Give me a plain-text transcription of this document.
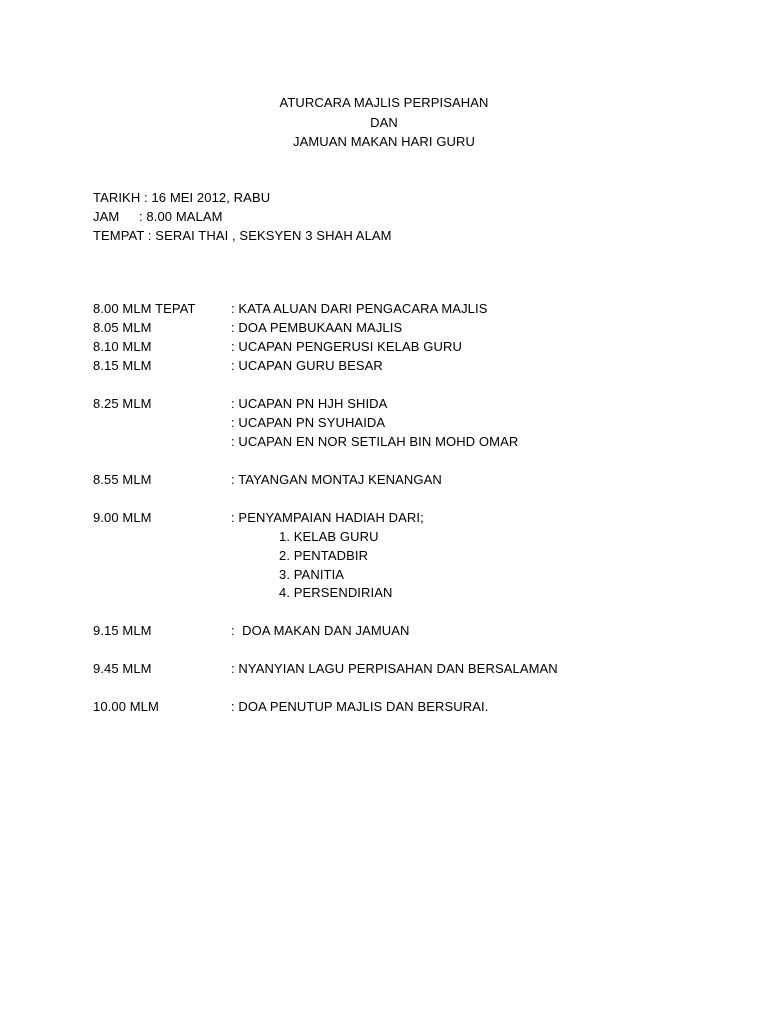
ATURCARA MAJLIS PERPISAHAN
DAN
JAMUAN MAKAN HARI GURU
TARIKH : 16 MEI 2012, RABU
JAM : 8.00 MALAM
TEMPAT : SERAI THAI , SEKSYEN 3 SHAH ALAM
8.00 MLM TEPAT	: KATA ALUAN DARI PENGACARA MAJLIS
8.05 MLM	: DOA PEMBUKAAN MAJLIS
8.10 MLM	: UCAPAN PENGERUSI KELAB GURU
8.15 MLM	: UCAPAN GURU BESAR
8.25 MLM	: UCAPAN PN HJH SHIDA
: UCAPAN PN SYUHAIDA
: UCAPAN EN NOR SETILAH BIN MOHD OMAR
8.55 MLM	: TAYANGAN MONTAJ KENANGAN
9.00 MLM	: PENYAMPAIAN HADIAH DARI;
1. KELAB GURU
2. PENTADBIR
3. PANITIA
4. PERSENDIRIAN
9.15 MLM	:  DOA MAKAN DAN JAMUAN
9.45 MLM	: NYANYIAN LAGU PERPISAHAN DAN BERSALAMAN
10.00 MLM	: DOA PENUTUP MAJLIS DAN BERSURAI.
